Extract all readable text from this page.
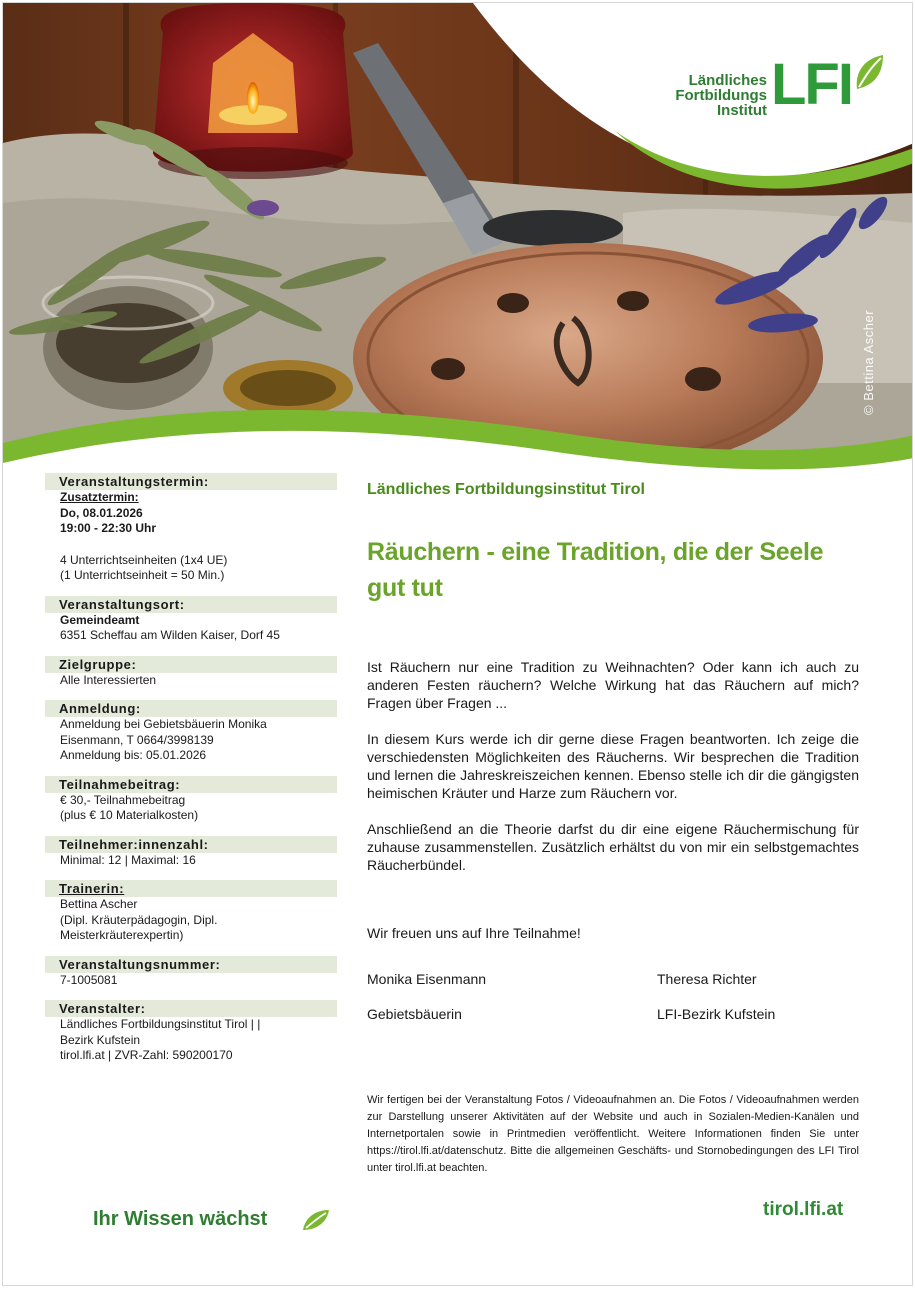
© Bettina Ascher
Ländliches
Fortbildungs
Institut LFI
Veranstaltungstermin:
Zusatztermin:
Do, 08.01.2026
19:00 - 22:30 Uhr
4 Unterrichtseinheiten (1x4 UE)
(1 Unterrichtseinheit = 50 Min.)
Veranstaltungsort:
Gemeindeamt
6351 Scheffau am Wilden Kaiser, Dorf 45
Zielgruppe:
Alle Interessierten
Anmeldung:
Anmeldung bei Gebietsbäuerin Monika
Eisenmann, T 0664/3998139
Anmeldung bis: 05.01.2026
Teilnahmebeitrag:
€ 30,- Teilnahmebeitrag
(plus € 10 Materialkosten)
Teilnehmer:innenzahl:
Minimal: 12 | Maximal: 16
Trainerin:
Bettina Ascher
(Dipl. Kräuterpädagogin, Dipl.
Meisterkräuterexpertin)
Veranstaltungsnummer:
7-1005081
Veranstalter:
Ländliches Fortbildungsinstitut Tirol | |
Bezirk Kufstein
tirol.lfi.at | ZVR-Zahl: 590200170
Ländliches Fortbildungsinstitut Tirol
Räuchern - eine Tradition, die der Seele
gut tut

Ist Räuchern nur eine Tradition zu Weihnachten? Oder kann ich auch zu anderen Festen räuchern? Welche Wirkung hat das Räuchern auf mich? Fragen über Fragen ...

In diesem Kurs werde ich dir gerne diese Fragen beantworten. Ich zeige die verschiedensten Möglichkeiten des Räucherns. Wir besprechen die Tradition und lernen die Jahreskreiszeichen kennen. Ebenso stelle ich dir die gängigsten heimischen Kräuter und Harze zum Räuchern vor.

Anschließend an die Theorie darfst du dir eine eigene Räuchermischung für zuhause zusammenstellen. Zusätzlich erhältst du von mir ein selbstgemachtes Räucherbündel.

Wir freuen uns auf Ihre Teilnahme!
Monika Eisenmann	Theresa Richter
Gebietsbäuerin	LFI-Bezirk Kufstein

Wir fertigen bei der Veranstaltung Fotos / Videoaufnahmen an. Die Fotos / Videoaufnahmen werden zur Darstellung unserer Aktivitäten auf der Website und auch in Sozialen-Medien-Kanälen und Internetportalen sowie in Printmedien veröffentlicht. Weitere Informationen finden Sie unter https://tirol.lfi.at/datenschutz. Bitte die allgemeinen Geschäfts- und Stornobedingungen des LFI Tirol unter tirol.lfi.at beachten.

Ihr Wissen wächst	tirol.lfi.at
